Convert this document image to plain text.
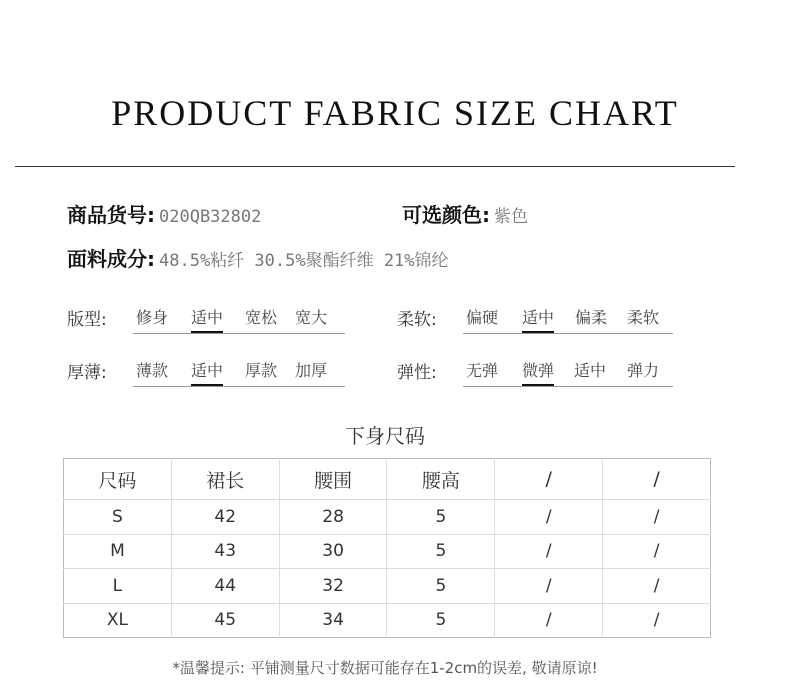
PRODUCT FABRIC SIZE CHART
商品货号: 020QB32802	可选颜色: 紫色
面料成分: 48.5%粘纤 30.5%聚酯纤维 21%锦纶
版型: 修身 适中 宽松 宽大	柔软: 偏硬 适中 偏柔 柔软
厚薄: 薄款 适中 厚款 加厚	弹性: 无弹 微弹 适中 弹力
下身尺码
尺码	裙长	腰围	腰高	/	/
S	42	28	5	/	/
M	43	30	5	/	/
L	44	32	5	/	/
XL	45	34	5	/	/
*温馨提示: 平铺测量尺寸数据可能存在1-2cm的误差, 敬请原谅!
